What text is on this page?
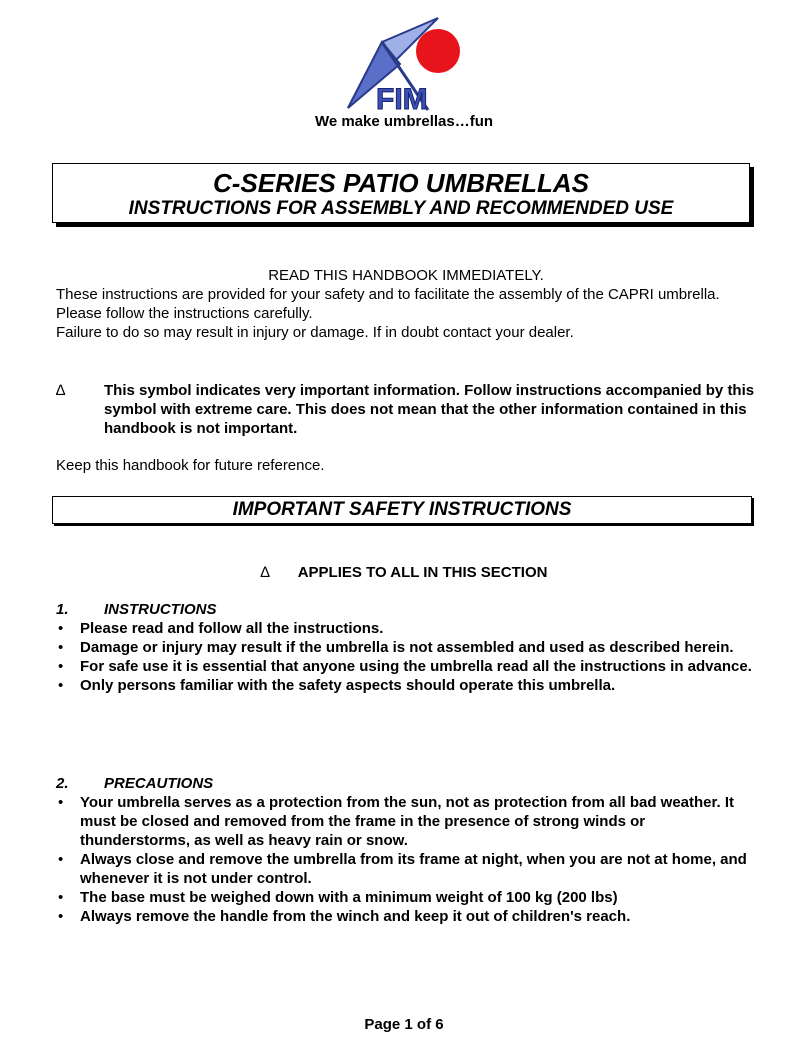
FIM
We make umbrellas…fun
C-SERIES PATIO UMBRELLAS
INSTRUCTIONS FOR ASSEMBLY AND RECOMMENDED USE

READ THIS HANDBOOK IMMEDIATELY.

These instructions are provided for your safety and to facilitate the assembly of the CAPRI umbrella.

Please follow the instructions carefully.

Failure to do so may result in injury or damage. If in doubt contact your dealer.

∆	This symbol indicates very important information. Follow instructions accompanied by this symbol with extreme care. This does not mean that the other information contained in this handbook is not important.
Keep this handbook for future reference.
IMPORTANT SAFETY INSTRUCTIONS
∆ APPLIES TO ALL IN THIS SECTION
1. INSTRUCTIONS
• Please read and follow all the instructions.
• Damage or injury may result if the umbrella is not assembled and used as described herein.
• For safe use it is essential that anyone using the umbrella read all the instructions in advance.
• Only persons familiar with the safety aspects should operate this umbrella.
2. PRECAUTIONS
• Your umbrella serves as a protection from the sun, not as protection from all bad weather. It must be closed and removed from the frame in the presence of strong winds or thunderstorms, as well as heavy rain or snow.
• Always close and remove the umbrella from its frame at night, when you are not at home, and whenever it is not under control.
• The base must be weighed down with a minimum weight of 100 kg (200 lbs)
• Always remove the handle from the winch and keep it out of children's reach.
Page 1 of 6
